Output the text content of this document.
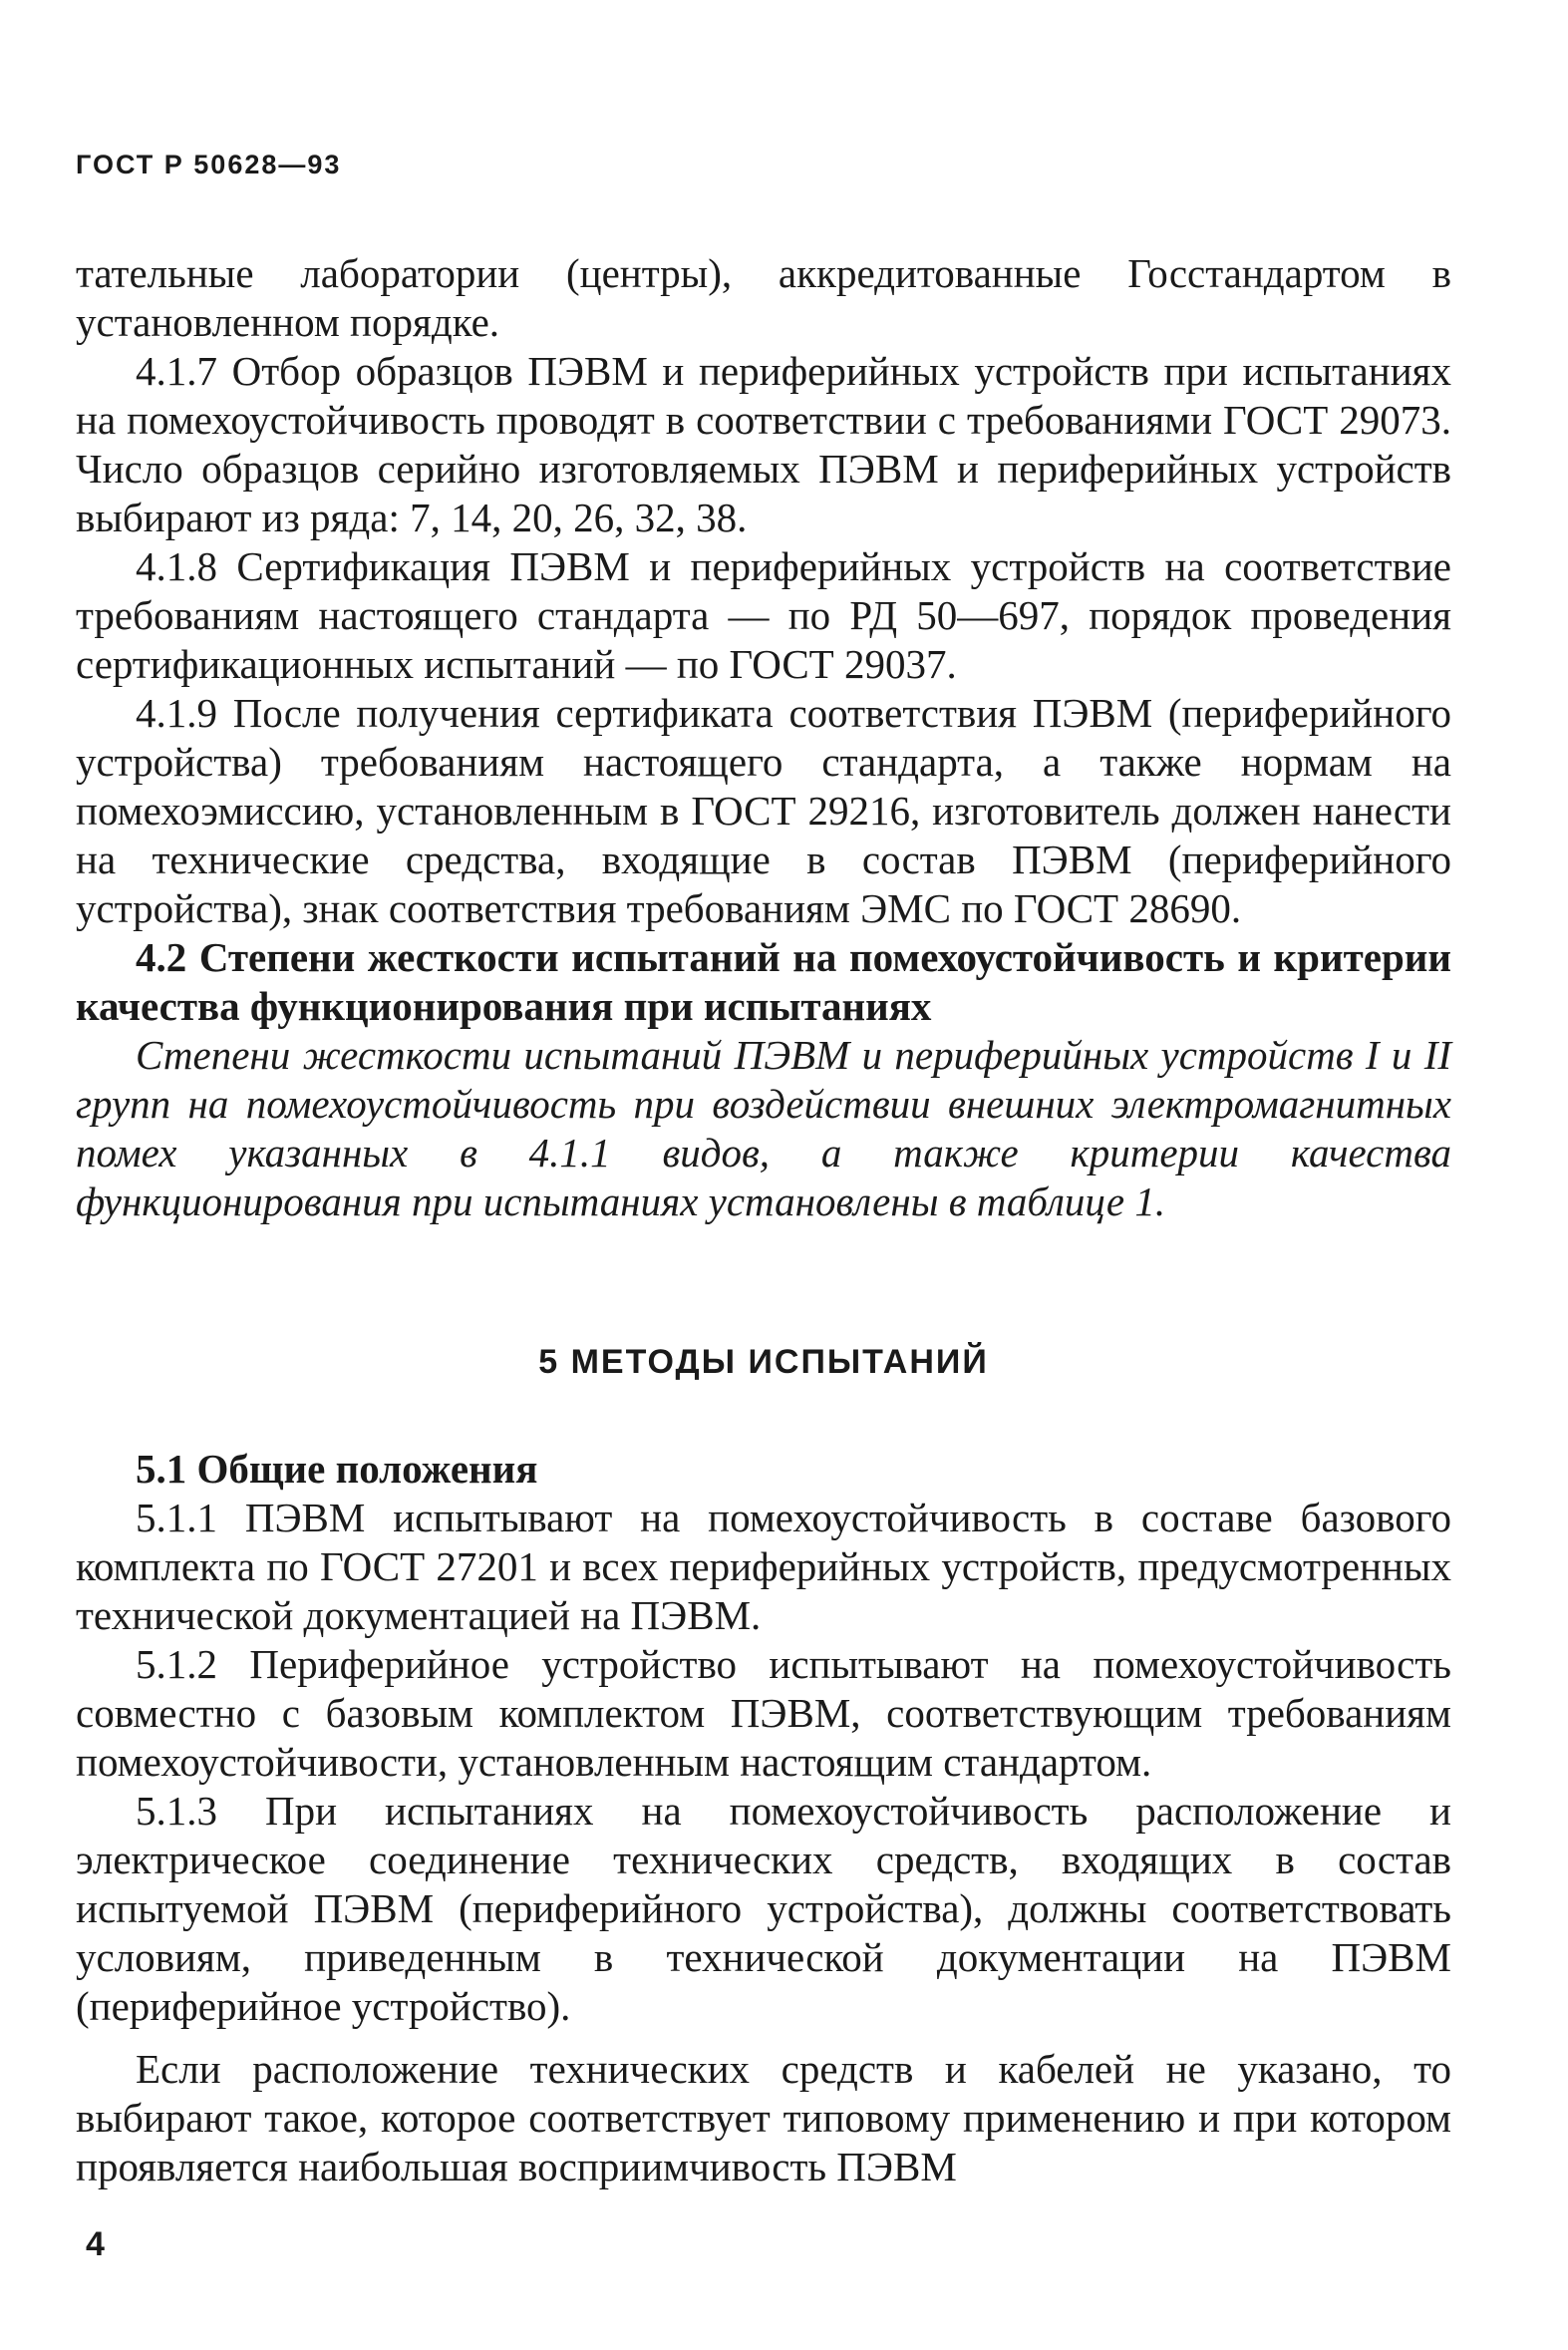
ГОСТ Р 50628—93

тательные лаборатории (центры), аккредитованные Госстандартом в установленном порядке.

4.1.7 Отбор образцов ПЭВМ и периферийных устройств при испытаниях на помехоустойчивость проводят в соответствии с требованиями ГОСТ 29073. Число образцов серийно изготовляемых ПЭВМ и периферийных устройств выбирают из ряда: 7, 14, 20, 26, 32, 38.

4.1.8 Сертификация ПЭВМ и периферийных устройств на соответствие требованиям настоящего стандарта — по РД 50—697, порядок проведения сертификационных испытаний — по ГОСТ 29037.

4.1.9 После получения сертификата соответствия ПЭВМ (периферийного устройства) требованиям настоящего стандарта, а также нормам на помехоэмиссию, установленным в ГОСТ 29216, изготовитель должен нанести на технические средства, входящие в состав ПЭВМ (периферийного устройства), знак соответствия требованиям ЭМС по ГОСТ 28690.

4.2 Степени жесткости испытаний на помехоустойчивость и критерии качества функционирования при испытаниях

Степени жесткости испытаний ПЭВМ и периферийных устройств I и II групп на помехоустойчивость при воздействии внешних электромагнитных помех указанных в 4.1.1 видов, а также критерии качества функционирования при испытаниях установлены в таблице 1.

5 МЕТОДЫ ИСПЫТАНИЙ

5.1 Общие положения

5.1.1 ПЭВМ испытывают на помехоустойчивость в составе базового комплекта по ГОСТ 27201 и всех периферийных устройств, предусмотренных технической документацией на ПЭВМ.

5.1.2 Периферийное устройство испытывают на помехоустойчивость совместно с базовым комплектом ПЭВМ, соответствующим требованиям помехоустойчивости, установленным настоящим стандартом.

5.1.3 При испытаниях на помехоустойчивость расположение и электрическое соединение технических средств, входящих в состав испытуемой ПЭВМ (периферийного устройства), должны соответствовать условиям, приведенным в технической документации на ПЭВМ (периферийное устройство).

Если расположение технических средств и кабелей не указано, то выбирают такое, которое соответствует типовому применению и при котором проявляется наибольшая восприимчивость ПЭВМ

4
